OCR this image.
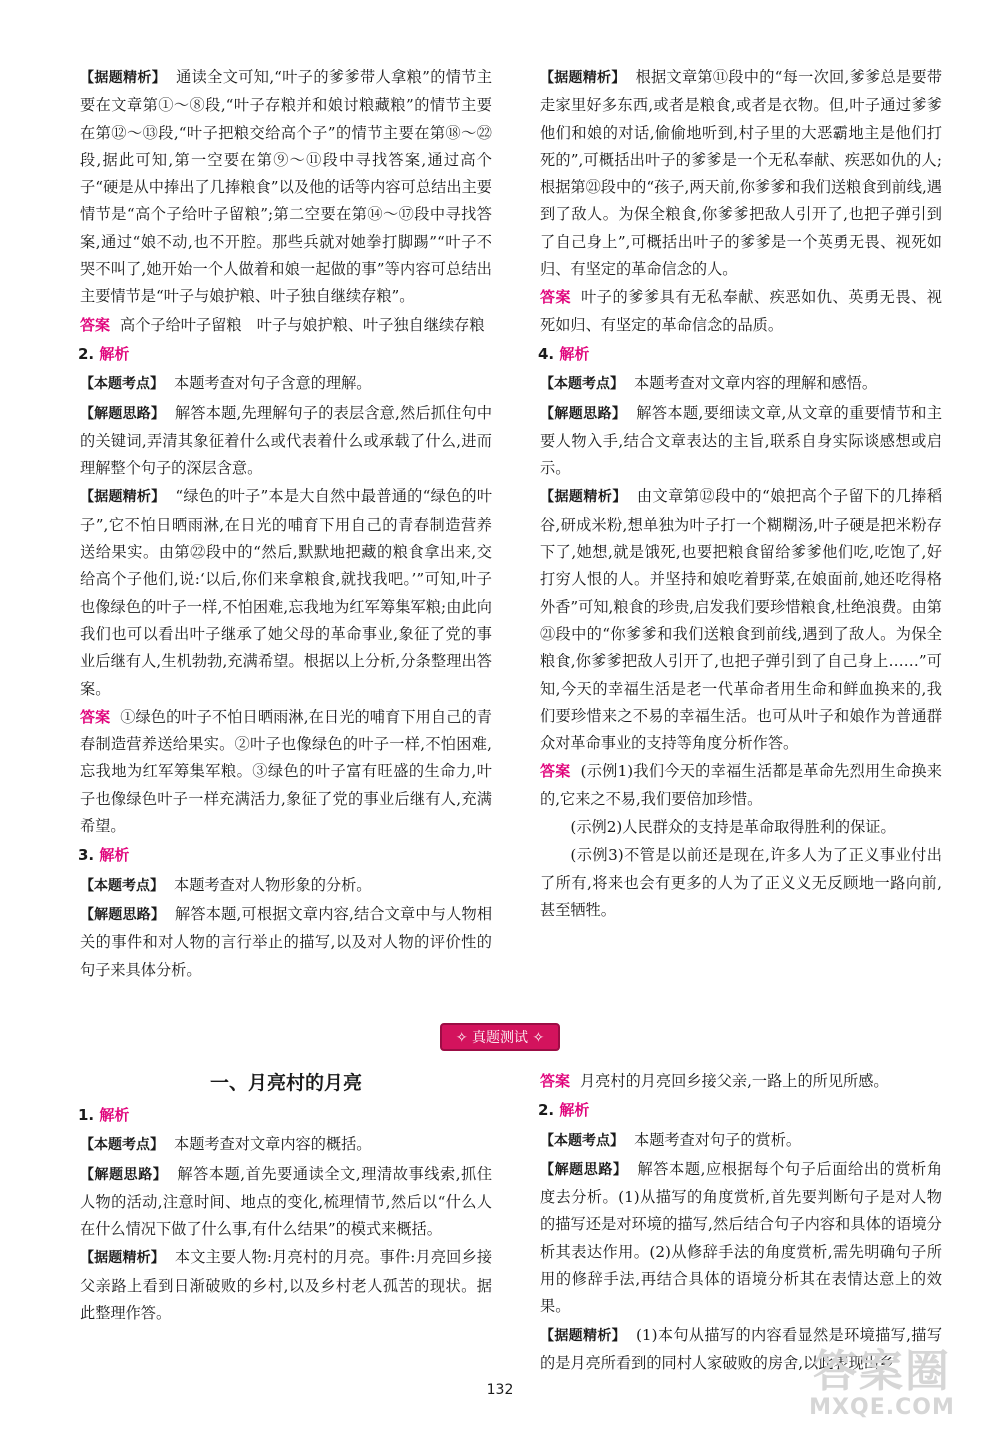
【据题精析】 通读全文可知,“叶子的爹爹带人拿粮”的情节主要在文章第①～⑧段,“叶子存粮并和娘讨粮藏粮”的情节主要在第⑫～⑬段,“叶子把粮交给高个子”的情节主要在第⑱～㉒段,据此可知,第一空要在第⑨～⑪段中寻找答案,通过高个子“硬是从中捧出了几捧粮食”以及他的话等内容可总结出主要情节是“高个子给叶子留粮”;第二空要在第⑭～⑰段中寻找答案,通过“娘不动,也不开腔。那些兵就对她拳打脚踢”“叶子不哭不叫了,她开始一个人做着和娘一起做的事”等内容可总结出主要情节是“叶子与娘护粮、叶子独自继续存粮”。

答案 高个子给叶子留粮　叶子与娘护粮、叶子独自继续存粮

2. 解析

【本题考点】 本题考查对句子含意的理解。

【解题思路】 解答本题,先理解句子的表层含意,然后抓住句中的关键词,弄清其象征着什么或代表着什么或承载了什么,进而理解整个句子的深层含意。

【据题精析】 “绿色的叶子”本是大自然中最普通的“绿色的叶子”,它不怕日晒雨淋,在日光的哺育下用自己的青春制造营养送给果实。由第㉒段中的“然后,默默地把藏的粮食拿出来,交给高个子他们,说:‘以后,你们来拿粮食,就找我吧。’”可知,叶子也像绿色的叶子一样,不怕困难,忘我地为红军筹集军粮;由此向我们也可以看出叶子继承了她父母的革命事业,象征了党的事业后继有人,生机勃勃,充满希望。根据以上分析,分条整理出答案。

答案 ①绿色的叶子不怕日晒雨淋,在日光的哺育下用自己的青春制造营养送给果实。②叶子也像绿色的叶子一样,不怕困难,忘我地为红军筹集军粮。③绿色的叶子富有旺盛的生命力,叶子也像绿色叶子一样充满活力,象征了党的事业后继有人,充满希望。

3. 解析

【本题考点】 本题考查对人物形象的分析。

【解题思路】 解答本题,可根据文章内容,结合文章中与人物相关的事件和对人物的言行举止的描写,以及对人物的评价性的句子来具体分析。

【据题精析】 根据文章第⑪段中的“每一次回,爹爹总是要带走家里好多东西,或者是粮食,或者是衣物。但,叶子通过爹爹他们和娘的对话,偷偷地听到,村子里的大恶霸地主是他们打死的”,可概括出叶子的爹爹是一个无私奉献、疾恶如仇的人;根据第㉑段中的“孩子,两天前,你爹爹和我们送粮食到前线,遇到了敌人。为保全粮食,你爹爹把敌人引开了,也把子弹引到了自己身上”,可概括出叶子的爹爹是一个英勇无畏、视死如归、有坚定的革命信念的人。

答案 叶子的爹爹具有无私奉献、疾恶如仇、英勇无畏、视死如归、有坚定的革命信念的品质。

4. 解析

【本题考点】 本题考查对文章内容的理解和感悟。

【解题思路】 解答本题,要细读文章,从文章的重要情节和主要人物入手,结合文章表达的主旨,联系自身实际谈感想或启示。

【据题精析】 由文章第⑫段中的“娘把高个子留下的几捧稻谷,研成米粉,想单独为叶子打一个糊糊汤,叶子硬是把米粉存下了,她想,就是饿死,也要把粮食留给爹爹他们吃,吃饱了,好打穷人恨的人。并坚持和娘吃着野菜,在娘面前,她还吃得格外香”可知,粮食的珍贵,启发我们要珍惜粮食,杜绝浪费。由第㉑段中的“你爹爹和我们送粮食到前线,遇到了敌人。为保全粮食,你爹爹把敌人引开了,也把子弹引到了自己身上……”可知,今天的幸福生活是老一代革命者用生命和鲜血换来的,我们要珍惜来之不易的幸福生活。也可从叶子和娘作为普通群众对革命事业的支持等角度分析作答。

答案 (示例1)我们今天的幸福生活都是革命先烈用生命换来的,它来之不易,我们要倍加珍惜。

(示例2)人民群众的支持是革命取得胜利的保证。

(示例3)不管是以前还是现在,许多人为了正义事业付出了所有,将来也会有更多的人为了正义义无反顾地一路向前,甚至牺牲。

✧ 真题测试 ✧
一、月亮村的月亮
1. 解析

【本题考点】 本题考查对文章内容的概括。

【解题思路】 解答本题,首先要通读全文,理清故事线索,抓住人物的活动,注意时间、地点的变化,梳理情节,然后以“什么人在什么情况下做了什么事,有什么结果”的模式来概括。

【据题精析】 本文主要人物:月亮村的月亮。事件:月亮回乡接父亲路上看到日渐破败的乡村,以及乡村老人孤苦的现状。据此整理作答。

答案 月亮村的月亮回乡接父亲,一路上的所见所感。

2. 解析

【本题考点】 本题考查对句子的赏析。

【解题思路】 解答本题,应根据每个句子后面给出的赏析角度去分析。(1)从描写的角度赏析,首先要判断句子是对人物的描写还是对环境的描写,然后结合句子内容和具体的语境分析其表达作用。(2)从修辞手法的角度赏析,需先明确句子所用的修辞手法,再结合具体的语境分析其在表情达意上的效果。

【据题精析】 (1)本句从描写的内容看显然是环境描写,描写的是月亮所看到的同村人家破败的房舍,以此表现出乡

132	答案圈
MXQE.COM
